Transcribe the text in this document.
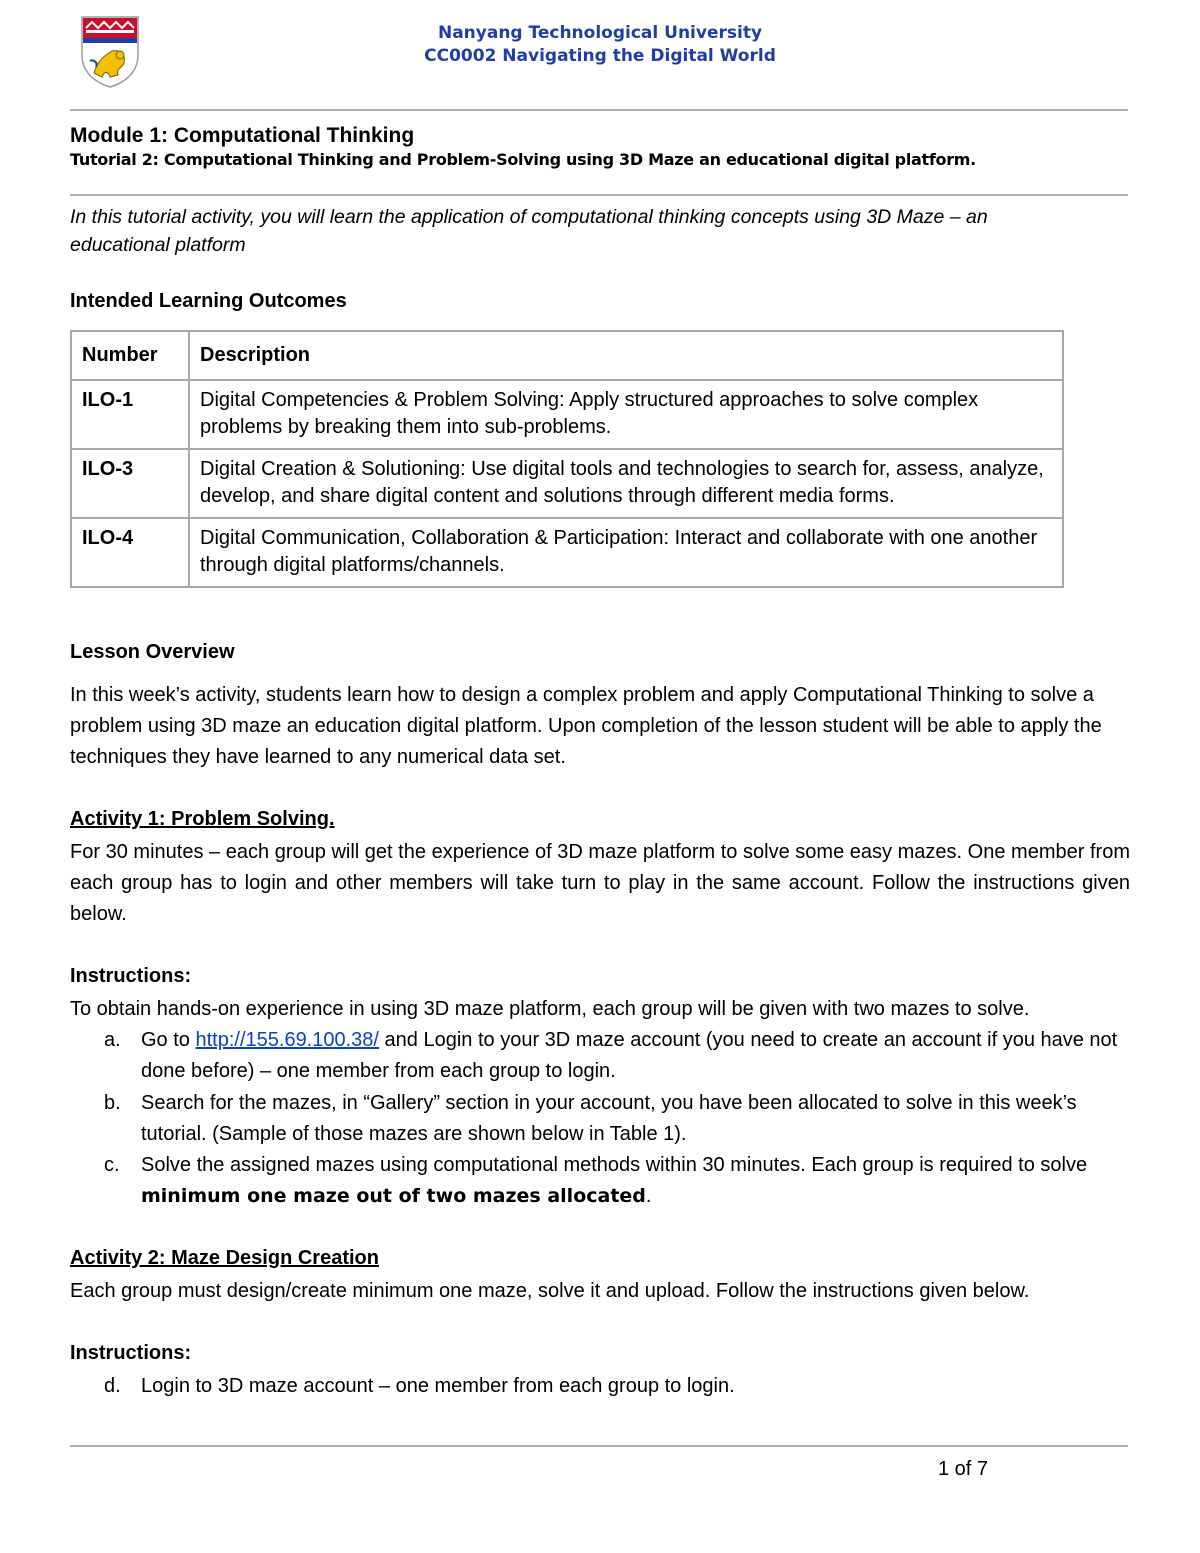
Nanyang Technological University
CC0002 Navigating the Digital World
Module 1: Computational Thinking
Tutorial 2: Computational Thinking and Problem-Solving using 3D Maze an educational digital platform.
In this tutorial activity, you will learn the application of computational thinking concepts using 3D Maze – an educational platform
Intended Learning Outcomes
Number	Description
ILO-1	Digital Competencies & Problem Solving: Apply structured approaches to solve complex problems by breaking them into sub-problems.
ILO-3	Digital Creation & Solutioning: Use digital tools and technologies to search for, assess, analyze, develop, and share digital content and solutions through different media forms.
ILO-4	Digital Communication, Collaboration & Participation: Interact and collaborate with one another through digital platforms/channels.
Lesson Overview
In this week’s activity, students learn how to design a complex problem and apply Computational Thinking to solve a problem using 3D maze an education digital platform. Upon completion of the lesson student will be able to apply the techniques they have learned to any numerical data set.
Activity 1: Problem Solving.
For 30 minutes – each group will get the experience of 3D maze platform to solve some easy mazes. One member from each group has to login and other members will take turn to play in the same account. Follow the instructions given below.
Instructions:
To obtain hands-on experience in using 3D maze platform, each group will be given with two mazes to solve.
a.	Go to http://155.69.100.38/ and Login to your 3D maze account (you need to create an account if you have not done before) – one member from each group to login.
b.	Search for the mazes, in “Gallery” section in your account, you have been allocated to solve in this week’s tutorial. (Sample of those mazes are shown below in Table 1).
c.	Solve the assigned mazes using computational methods within 30 minutes. Each group is required to solve minimum one maze out of two mazes allocated.
Activity 2: Maze Design Creation
Each group must design/create minimum one maze, solve it and upload. Follow the instructions given below.
Instructions:
d.	Login to 3D maze account – one member from each group to login.
1 of 7
